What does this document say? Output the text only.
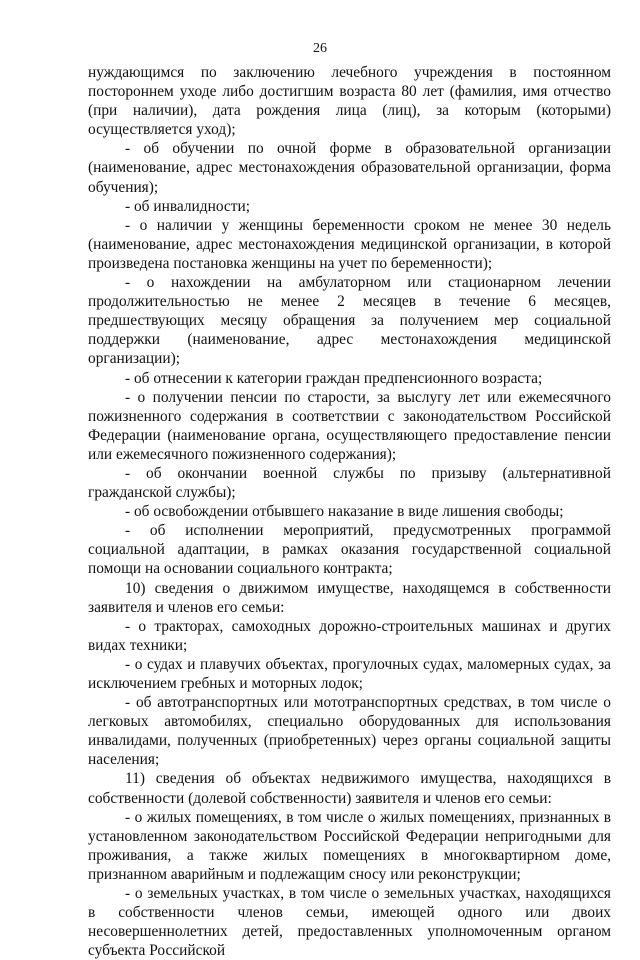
26

нуждающимся по заключению лечебного учреждения в постоянном постороннем уходе либо достигшим возраста 80 лет (фамилия, имя отчество (при наличии), дата рождения лица (лиц), за которым (которыми) осуществляется уход);

- об обучении по очной форме в образовательной организации (наименование, адрес местонахождения образовательной организации, форма обучения);

- об инвалидности;

- о наличии у женщины беременности сроком не менее 30 недель (наименование, адрес местонахождения медицинской организации, в которой произведена постановка женщины на учет по беременности);

- о нахождении на амбулаторном или стационарном лечении продолжительностью не менее 2 месяцев в течение 6 месяцев, предшествующих месяцу обращения за получением мер социальной поддержки (наименование, адрес местонахождения медицинской организации);

- об отнесении к категории граждан предпенсионного возраста;

- о получении пенсии по старости, за выслугу лет или ежемесячного пожизненного содержания в соответствии с законодательством Российской Федерации (наименование органа, осуществляющего предоставление пенсии или ежемесячного пожизненного содержания);

- об окончании военной службы по призыву (альтернативной гражданской службы);

- об освобождении отбывшего наказание в виде лишения свободы;

- об исполнении мероприятий, предусмотренных программой социальной адаптации, в рамках оказания государственной социальной помощи на основании социального контракта;

10) сведения о движимом имуществе, находящемся в собственности заявителя и членов его семьи:

- о тракторах, самоходных дорожно-строительных машинах и других видах техники;

- о судах и плавучих объектах, прогулочных судах, маломерных судах, за исключением гребных и моторных лодок;

- об автотранспортных или мототранспортных средствах, в том числе о легковых автомобилях, специально оборудованных для использования инвалидами, полученных (приобретенных) через органы социальной защиты населения;

11) сведения об объектах недвижимого имущества, находящихся в собственности (долевой собственности) заявителя и членов его семьи:

- о жилых помещениях, в том числе о жилых помещениях, признанных в установленном законодательством Российской Федерации непригодными для проживания, а также жилых помещениях в многоквартирном доме, признанном аварийным и подлежащим сносу или реконструкции;

- о земельных участках, в том числе о земельных участках, находящихся в собственности членов семьи, имеющей одного или двоих несовершеннолетних детей, предоставленных уполномоченным органом субъекта Российской
